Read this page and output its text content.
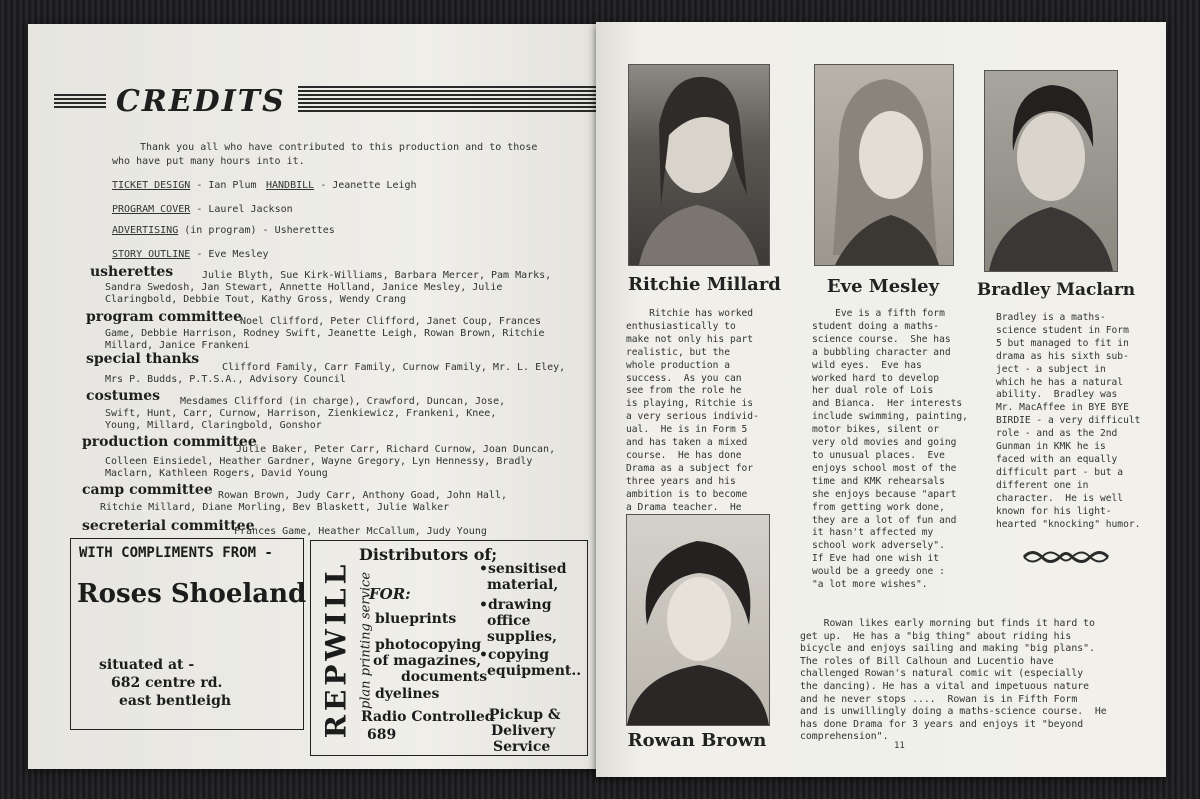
CREDITS
Thank you all who have contributed to this production and to those
who have put many hours into it.
TICKET DESIGN - Ian Plum HANDBILL - Jeanette Leigh
PROGRAM COVER - Laurel Jackson
ADVERTISING (in program) - Usherettes
STORY OUTLINE - Eve Mesley
usherettes	Julie Blyth, Sue Kirk-Williams, Barbara Mercer, Pam Marks,
Sandra Swedosh, Jan Stewart, Annette Holland, Janice Mesley, Julie
Claringbold, Debbie Tout, Kathy Gross, Wendy Crang
program committee
Noel Clifford, Peter Clifford, Janet Coup, Frances
Game, Debbie Harrison, Rodney Swift, Jeanette Leigh, Rowan Brown, Ritchie
Millard, Janice Frankeni
special thanks
Clifford Family, Carr Family, Curnow Family, Mr. L. Eley,
Mrs P. Budds, P.T.S.A., Advisory Council
costumes Mesdames Clifford (in charge), Crawford, Duncan, Jose,
Swift, Hunt, Carr, Curnow, Harrison, Zienkiewicz, Frankeni, Knee,
Young, Millard, Claringbold, Gonshor
production committee
Julie Baker, Peter Carr, Richard Curnow, Joan Duncan,
Colleen Einsiedel, Heather Gardner, Wayne Gregory, Lyn Hennessy, Bradly
Maclarn, Kathleen Rogers, David Young
camp committee Rowan Brown, Judy Carr, Anthony Goad, John Hall,
Ritchie Millard, Diane Morling, Bev Blaskett, Julie Walker
secreterial committee
Frances Game, Heather McCallum, Judy Young
WITH COMPLIMENTS FROM -
Roses Shoeland
situated at -
682 centre rd.
east bentleigh	REPWILL plan printing service
Distributors of;
FOR:
blueprints
photocopying
of magazines,
documents
dyelines
•sensitised
material,
•drawing
office
supplies,
•copying
equipment..
Radio Controlled
689
Pickup &
Delivery
Service
Ritchie Millard	Eve Mesley	Bradley Maclarn
Ritchie has worked
enthusiastically to
make not only his part
realistic, but the
whole production a
success.  As you can
see from the role he
is playing, Ritchie is
a very serious individ-
ual.  He is in Form 5
and has taken a mixed
course.  He has done
Drama as a subject for
three years and his
ambition is to become
a Drama teacher.  He

Eve is a fifth form
student doing a maths-
science course.  She has
a bubbling character and
wild eyes.  Eve has
worked hard to develop
her dual role of Lois
and Bianca.  Her interests
include swimming, painting,
motor bikes, silent or
very old movies and going
to unusual places.  Eve
enjoys school most of the
time and KMK rehearsals
she enjoys because "apart
from getting work done,
they are a lot of fun and
it hasn't affected my
school work adversely".
If Eve had one wish it
would be a greedy one :
"a lot more wishes".
Bradley is a maths-
science student in Form
5 but managed to fit in
drama as his sixth sub-
ject - a subject in
which he has a natural
ability.  Bradley was
Mr. MacAffee in BYE BYE
BIRDIE - a very difficult
role - and as the 2nd
Gunman in KMK he is
faced with an equally
difficult part - but a
different one in
character.  He is well
known for his light-
hearted "knocking" humor.
Rowan Brown
Rowan likes early morning but finds it hard to
get up.  He has a "big thing" about riding his
bicycle and enjoys sailing and making "big plans".
The roles of Bill Calhoun and Lucentio have
challenged Rowan's natural comic wit (especially
the dancing). He has a vital and impetuous nature
and he never stops ....  Rowan is in Fifth Form
and is unwillingly doing a maths-science course.  He
has done Drama for 3 years and enjoys it "beyond
comprehension".
11
